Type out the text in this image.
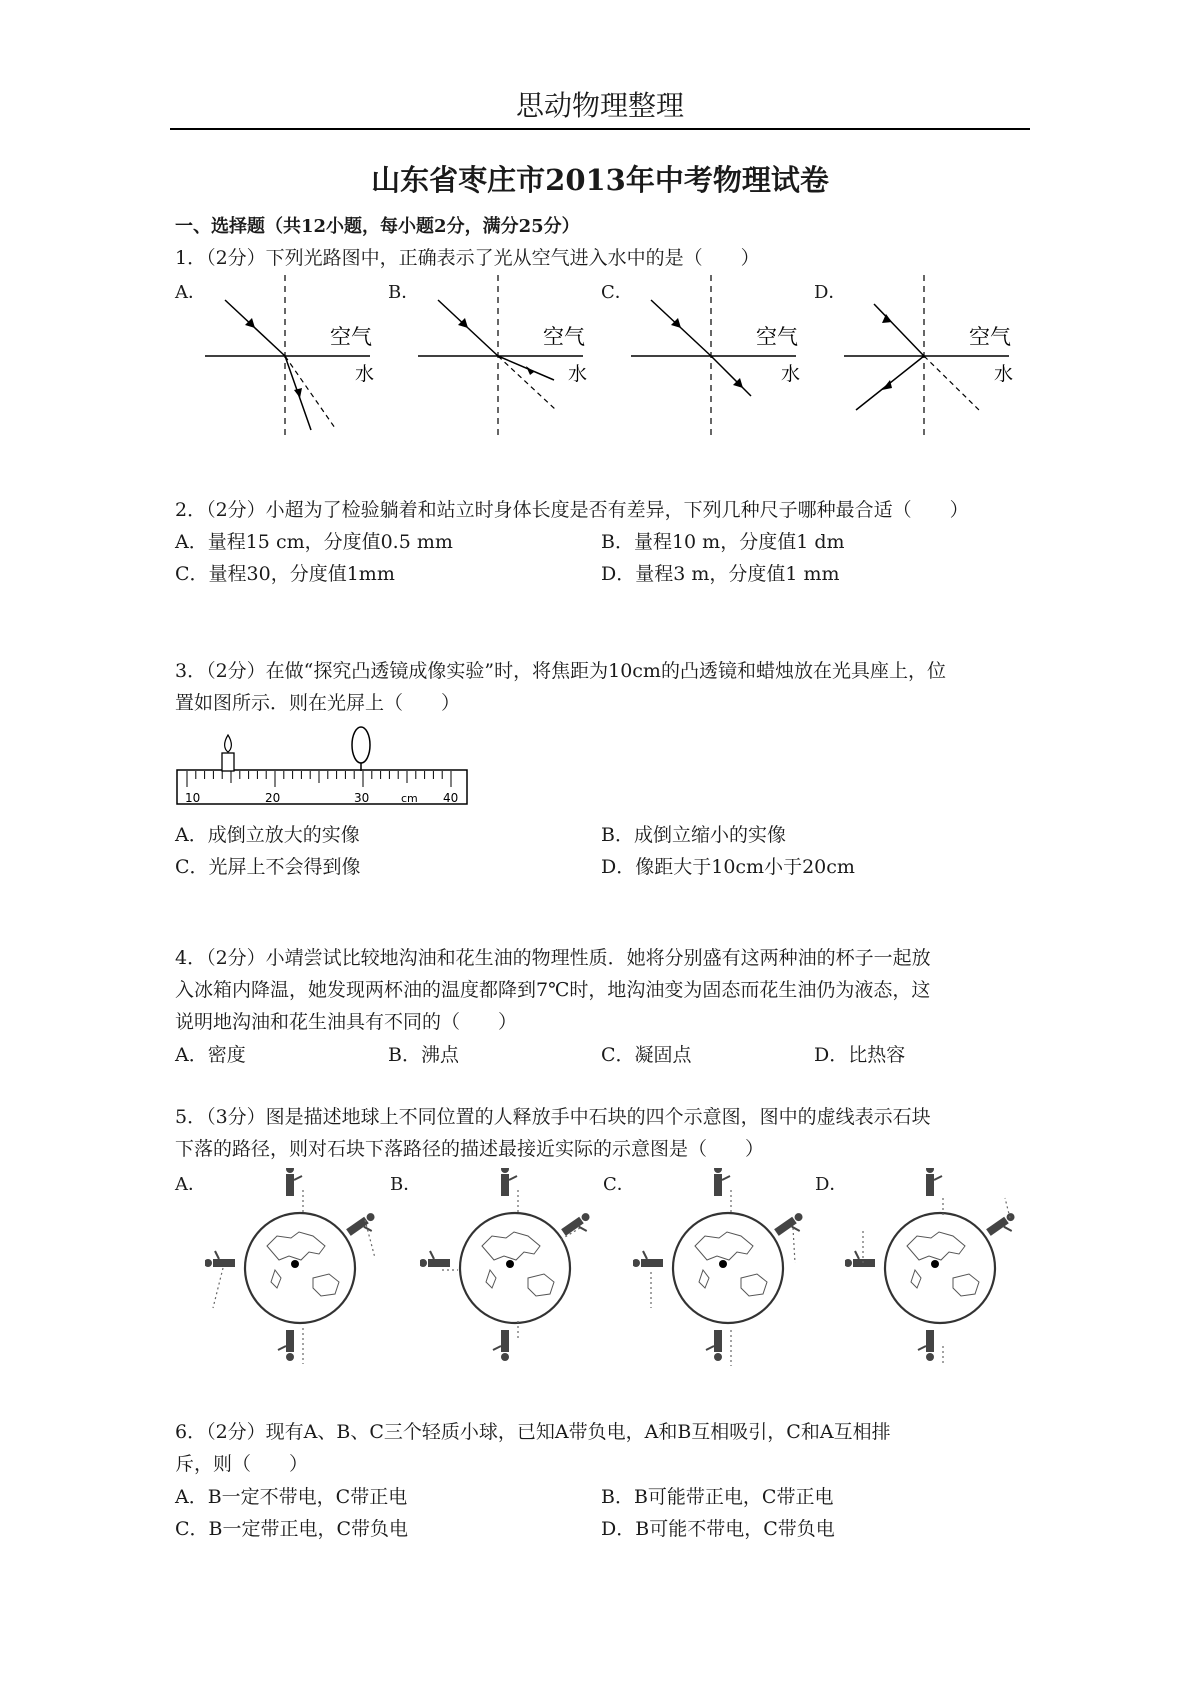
思动物理整理
山东省枣庄市2013年中考物理试卷
一、选择题（共12小题，每小题2分，满分25分）
1．（2分）下列光路图中，正确表示了光从空气进入水中的是（　　）
A．	B．	C．	D．
空气
水
空气
水
空气
水
空气
水
2．（2分）小超为了检验躺着和站立时身体长度是否有差异，下列几种尺子哪种最合适（　　）
A．量程15 cm，分度值0.5 mm	B．量程10 m，分度值1 dm
C．量程30，分度值1mm	D．量程3 m，分度值1 mm
3．（2分）在做“探究凸透镜成像实验”时，将焦距为10cm的凸透镜和蜡烛放在光具座上，位
置如图所示．则在光屏上（　　）
10	20	30	cm 40
A．成倒立放大的实像	B．成倒立缩小的实像
C．光屏上不会得到像	D．像距大于10cm小于20cm
4．（2分）小靖尝试比较地沟油和花生油的物理性质．她将分别盛有这两种油的杯子一起放
入冰箱内降温，她发现两杯油的温度都降到7℃时，地沟油变为固态而花生油仍为液态，这
说明地沟油和花生油具有不同的（　　）
A．密度	B．沸点	C．凝固点	D．比热容
5．（3分）图是描述地球上不同位置的人释放手中石块的四个示意图，图中的虚线表示石块
下落的路径，则对石块下落路径的描述最接近实际的示意图是（　　）
A．	B．	C．	D．
6．（2分）现有A、B、C三个轻质小球，已知A带负电，A和B互相吸引，C和A互相排
斥，则（　　）
A．B一定不带电，C带正电	B．B可能带正电，C带正电
C．B一定带正电，C带负电	D．B可能不带电，C带负电
